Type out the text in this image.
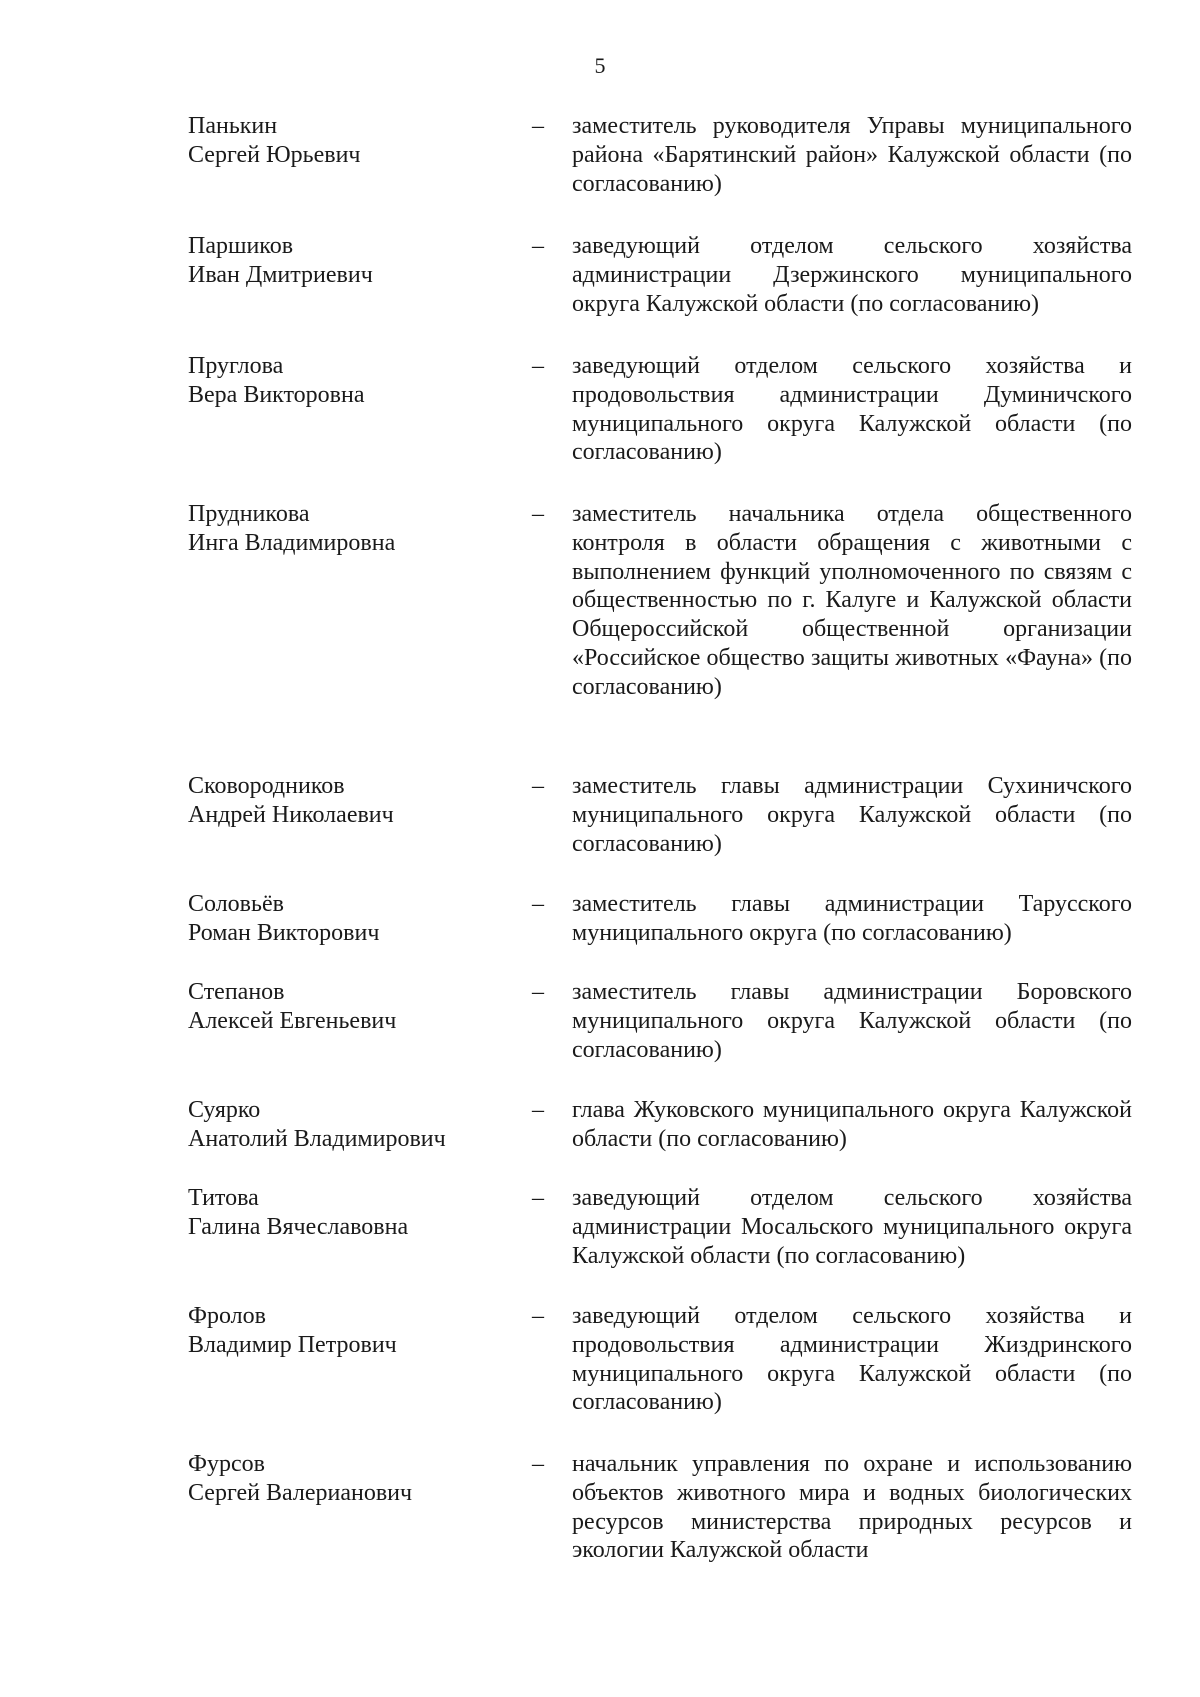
5
Панькин
Сергей Юрьевич
– заместитель руководителя Управы муниципального района «Барятинский район» Калужской области (по согласованию)
Паршиков
Иван Дмитриевич
– заведующий отделом сельского хозяйства администрации Дзержинского муниципального округа Калужской области (по согласованию)
Пруглова
Вера Викторовна
– заведующий отделом сельского хозяйства и продовольствия администрации Думиничского муниципального округа Калужской области (по согласованию)
Прудникова
Инга Владимировна
– заместитель начальника отдела общественного контроля в области обращения с животными с выполнением функций уполномоченного по связям с общественностью по г. Калуге и Калужской области Общероссийской общественной организации «Российское общество защиты животных «Фауна» (по согласованию)
Сковородников
Андрей Николаевич
– заместитель главы администрации Сухиничского муниципального округа Калужской области (по согласованию)
Соловьёв
Роман Викторович
– заместитель главы администрации Тарусского муниципального округа (по согласованию)
Степанов
Алексей Евгеньевич
– заместитель главы администрации Боровского муниципального округа Калужской области (по согласованию)
Суярко
Анатолий Владимирович
– глава Жуковского муниципального округа Калужской области (по согласованию)
Титова
Галина Вячеславовна
– заведующий отделом сельского хозяйства администрации Мосальского муниципального округа Калужской области (по согласованию)
Фролов
Владимир Петрович
– заведующий отделом сельского хозяйства и продовольствия администрации Жиздринского муниципального округа Калужской области (по согласованию)
Фурсов
Сергей Валерианович
– начальник управления по охране и использованию объектов животного мира и водных биологических ресурсов министерства природных ресурсов и экологии Калужской области
